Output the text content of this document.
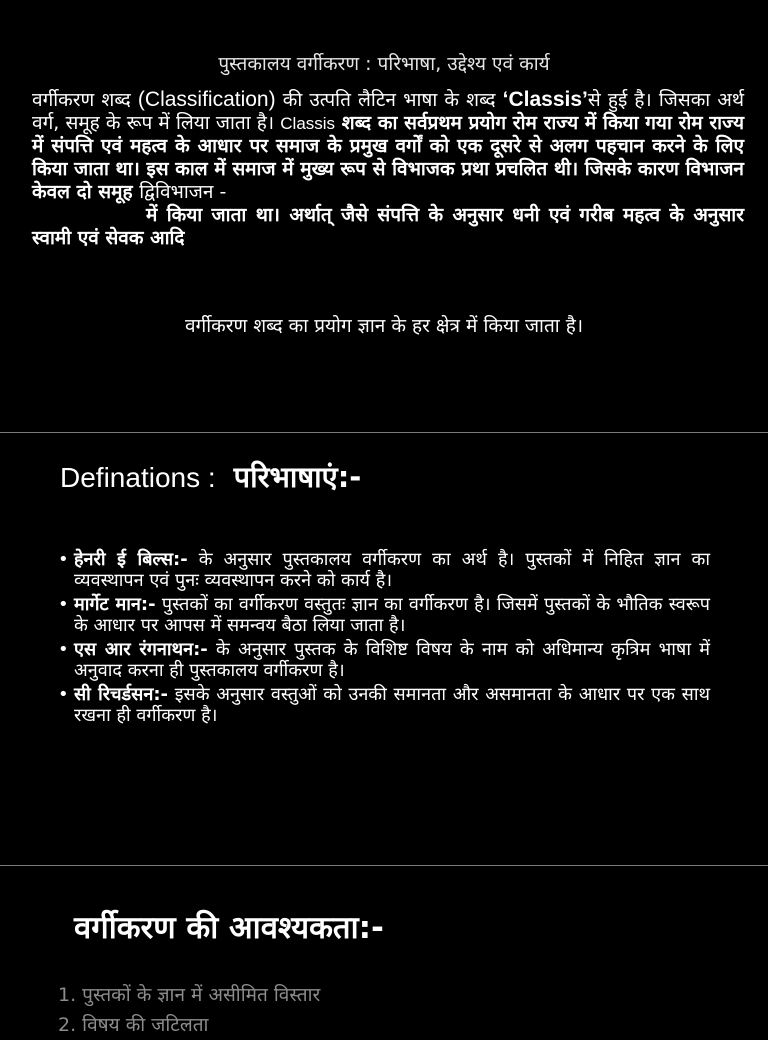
पुस्तकालय वर्गीकरण : परिभाषा, उद्देश्य एवं कार्य
वर्गीकरण शब्द (Classification) की उत्पति लैटिन भाषा के शब्द ‘Classis’से हुई है। जिसका अर्थ वर्ग, समूह के रूप में लिया जाता है। Classis शब्द का सर्वप्रथम प्रयोग रोम राज्य में किया गया रोम राज्य में संपत्ति एवं महत्व के आधार पर समाज के प्रमुख वर्गों को एक दूसरे से अलग पहचान करने के लिए किया जाता था। इस काल में समाज में मुख्य रूप से विभाजक प्रथा प्रचलित थी। जिसके कारण विभाजन केवल दो समूह द्विविभाजन -
में किया जाता था। अर्थात् जैसे संपत्ति के अनुसार धनी एवं गरीब महत्व के अनुसार स्वामी एवं सेवक आदि
वर्गीकरण शब्द का प्रयोग ज्ञान के हर क्षेत्र में किया जाता है।
Definations : परिभाषाएं:-
• हेनरी ई बिल्स:- के अनुसार पुस्तकालय वर्गीकरण का अर्थ है। पुस्तकों में निहित ज्ञान का व्यवस्थापन एवं पुनः व्यवस्थापन करने को कार्य है।
• मार्गेट मान:- पुस्तकों का वर्गीकरण वस्तुतः ज्ञान का वर्गीकरण है। जिसमें पुस्तकों के भौतिक स्वरूप के आधार पर आपस में समन्वय बैठा लिया जाता है।
• एस आर रंगनाथन:- के अनुसार पुस्तक के विशिष्ट विषय के नाम को अधिमान्य कृत्रिम भाषा में अनुवाद करना ही पुस्तकालय वर्गीकरण है।
• सी रिचर्डसन:- इसके अनुसार वस्तुओं को उनकी समानता और असमानता के आधार पर एक साथ रखना ही वर्गीकरण है।
वर्गीकरण की आवश्यकता:-
1. पुस्तकों के ज्ञान में असीमित विस्तार
2. विषय की जटिलता
